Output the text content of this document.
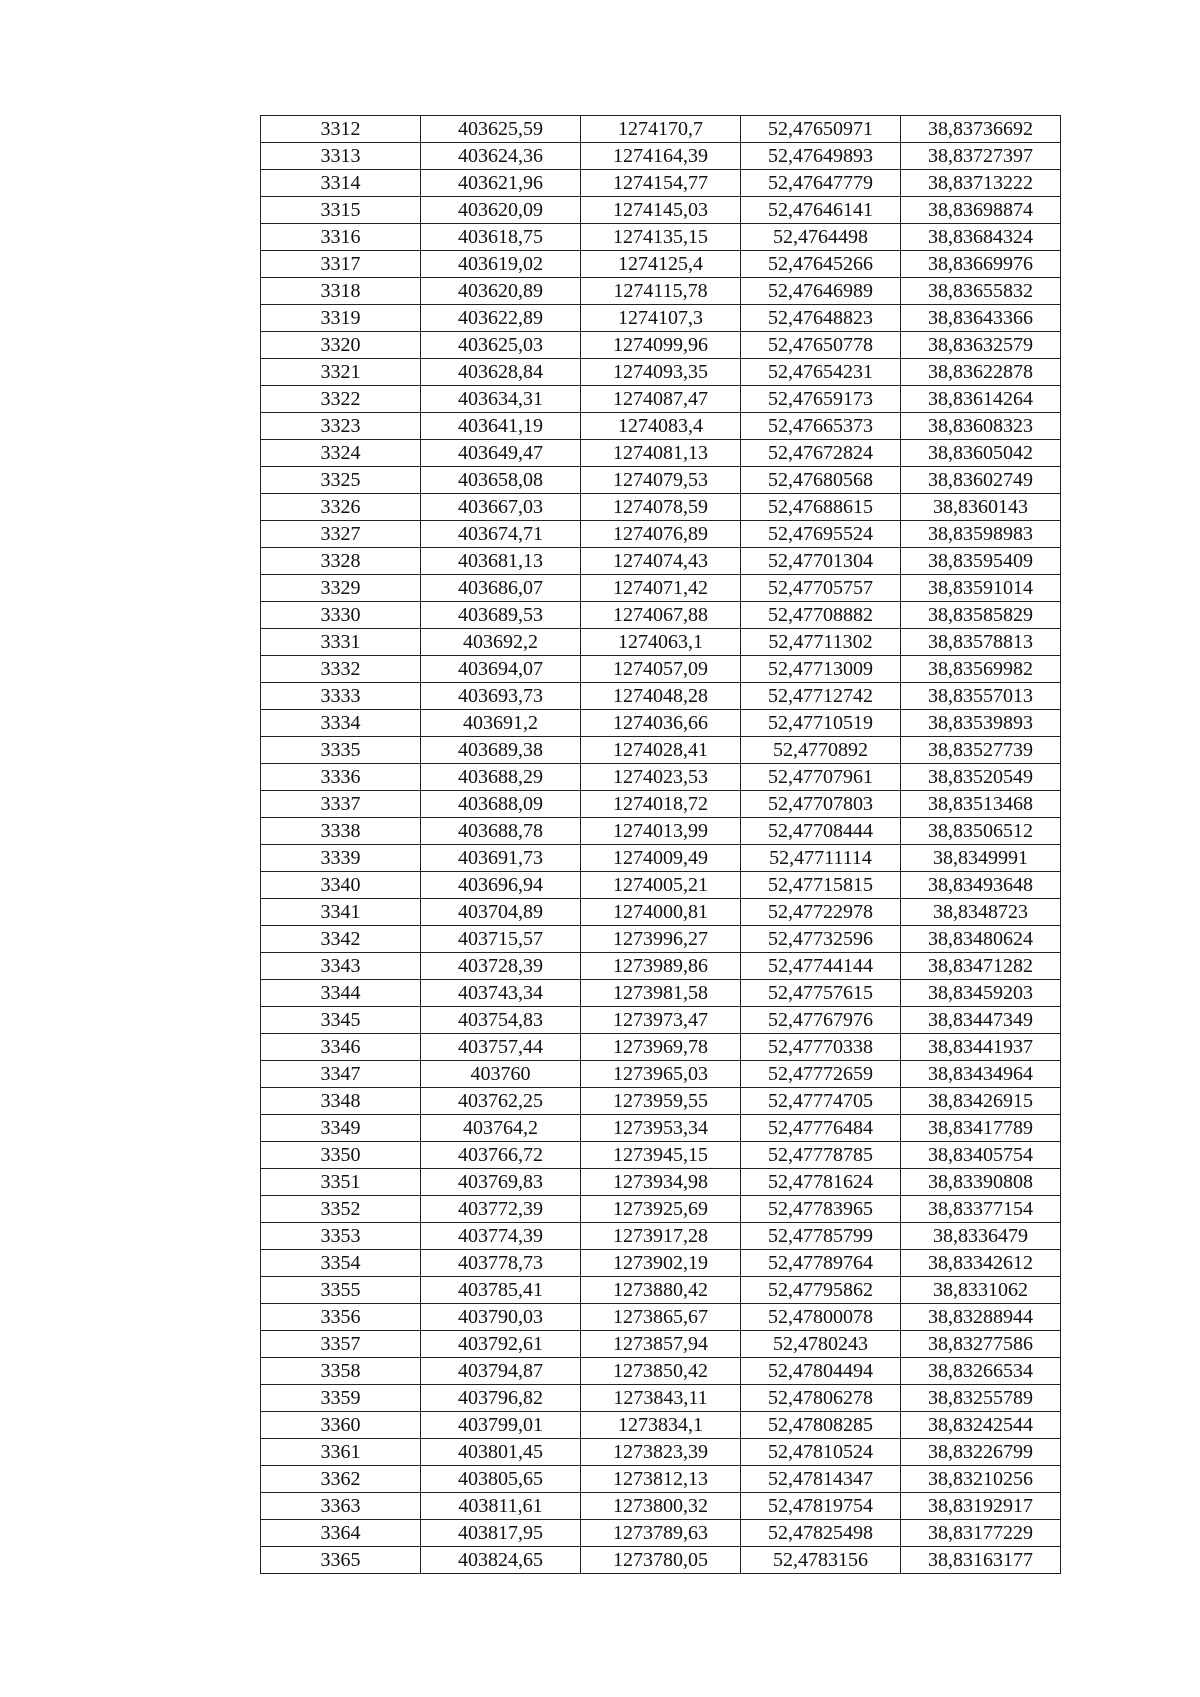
3312	403625,59	1274170,7	52,47650971	38,83736692
3313	403624,36	1274164,39	52,47649893	38,83727397
3314	403621,96	1274154,77	52,47647779	38,83713222
3315	403620,09	1274145,03	52,47646141	38,83698874
3316	403618,75	1274135,15	52,4764498	38,83684324
3317	403619,02	1274125,4	52,47645266	38,83669976
3318	403620,89	1274115,78	52,47646989	38,83655832
3319	403622,89	1274107,3	52,47648823	38,83643366
3320	403625,03	1274099,96	52,47650778	38,83632579
3321	403628,84	1274093,35	52,47654231	38,83622878
3322	403634,31	1274087,47	52,47659173	38,83614264
3323	403641,19	1274083,4	52,47665373	38,83608323
3324	403649,47	1274081,13	52,47672824	38,83605042
3325	403658,08	1274079,53	52,47680568	38,83602749
3326	403667,03	1274078,59	52,47688615	38,8360143
3327	403674,71	1274076,89	52,47695524	38,83598983
3328	403681,13	1274074,43	52,47701304	38,83595409
3329	403686,07	1274071,42	52,47705757	38,83591014
3330	403689,53	1274067,88	52,47708882	38,83585829
3331	403692,2	1274063,1	52,47711302	38,83578813
3332	403694,07	1274057,09	52,47713009	38,83569982
3333	403693,73	1274048,28	52,47712742	38,83557013
3334	403691,2	1274036,66	52,47710519	38,83539893
3335	403689,38	1274028,41	52,4770892	38,83527739
3336	403688,29	1274023,53	52,47707961	38,83520549
3337	403688,09	1274018,72	52,47707803	38,83513468
3338	403688,78	1274013,99	52,47708444	38,83506512
3339	403691,73	1274009,49	52,47711114	38,8349991
3340	403696,94	1274005,21	52,47715815	38,83493648
3341	403704,89	1274000,81	52,47722978	38,8348723
3342	403715,57	1273996,27	52,47732596	38,83480624
3343	403728,39	1273989,86	52,47744144	38,83471282
3344	403743,34	1273981,58	52,47757615	38,83459203
3345	403754,83	1273973,47	52,47767976	38,83447349
3346	403757,44	1273969,78	52,47770338	38,83441937
3347	403760	1273965,03	52,47772659	38,83434964
3348	403762,25	1273959,55	52,47774705	38,83426915
3349	403764,2	1273953,34	52,47776484	38,83417789
3350	403766,72	1273945,15	52,47778785	38,83405754
3351	403769,83	1273934,98	52,47781624	38,83390808
3352	403772,39	1273925,69	52,47783965	38,83377154
3353	403774,39	1273917,28	52,47785799	38,8336479
3354	403778,73	1273902,19	52,47789764	38,83342612
3355	403785,41	1273880,42	52,47795862	38,8331062
3356	403790,03	1273865,67	52,47800078	38,83288944
3357	403792,61	1273857,94	52,4780243	38,83277586
3358	403794,87	1273850,42	52,47804494	38,83266534
3359	403796,82	1273843,11	52,47806278	38,83255789
3360	403799,01	1273834,1	52,47808285	38,83242544
3361	403801,45	1273823,39	52,47810524	38,83226799
3362	403805,65	1273812,13	52,47814347	38,83210256
3363	403811,61	1273800,32	52,47819754	38,83192917
3364	403817,95	1273789,63	52,47825498	38,83177229
3365	403824,65	1273780,05	52,4783156	38,83163177
